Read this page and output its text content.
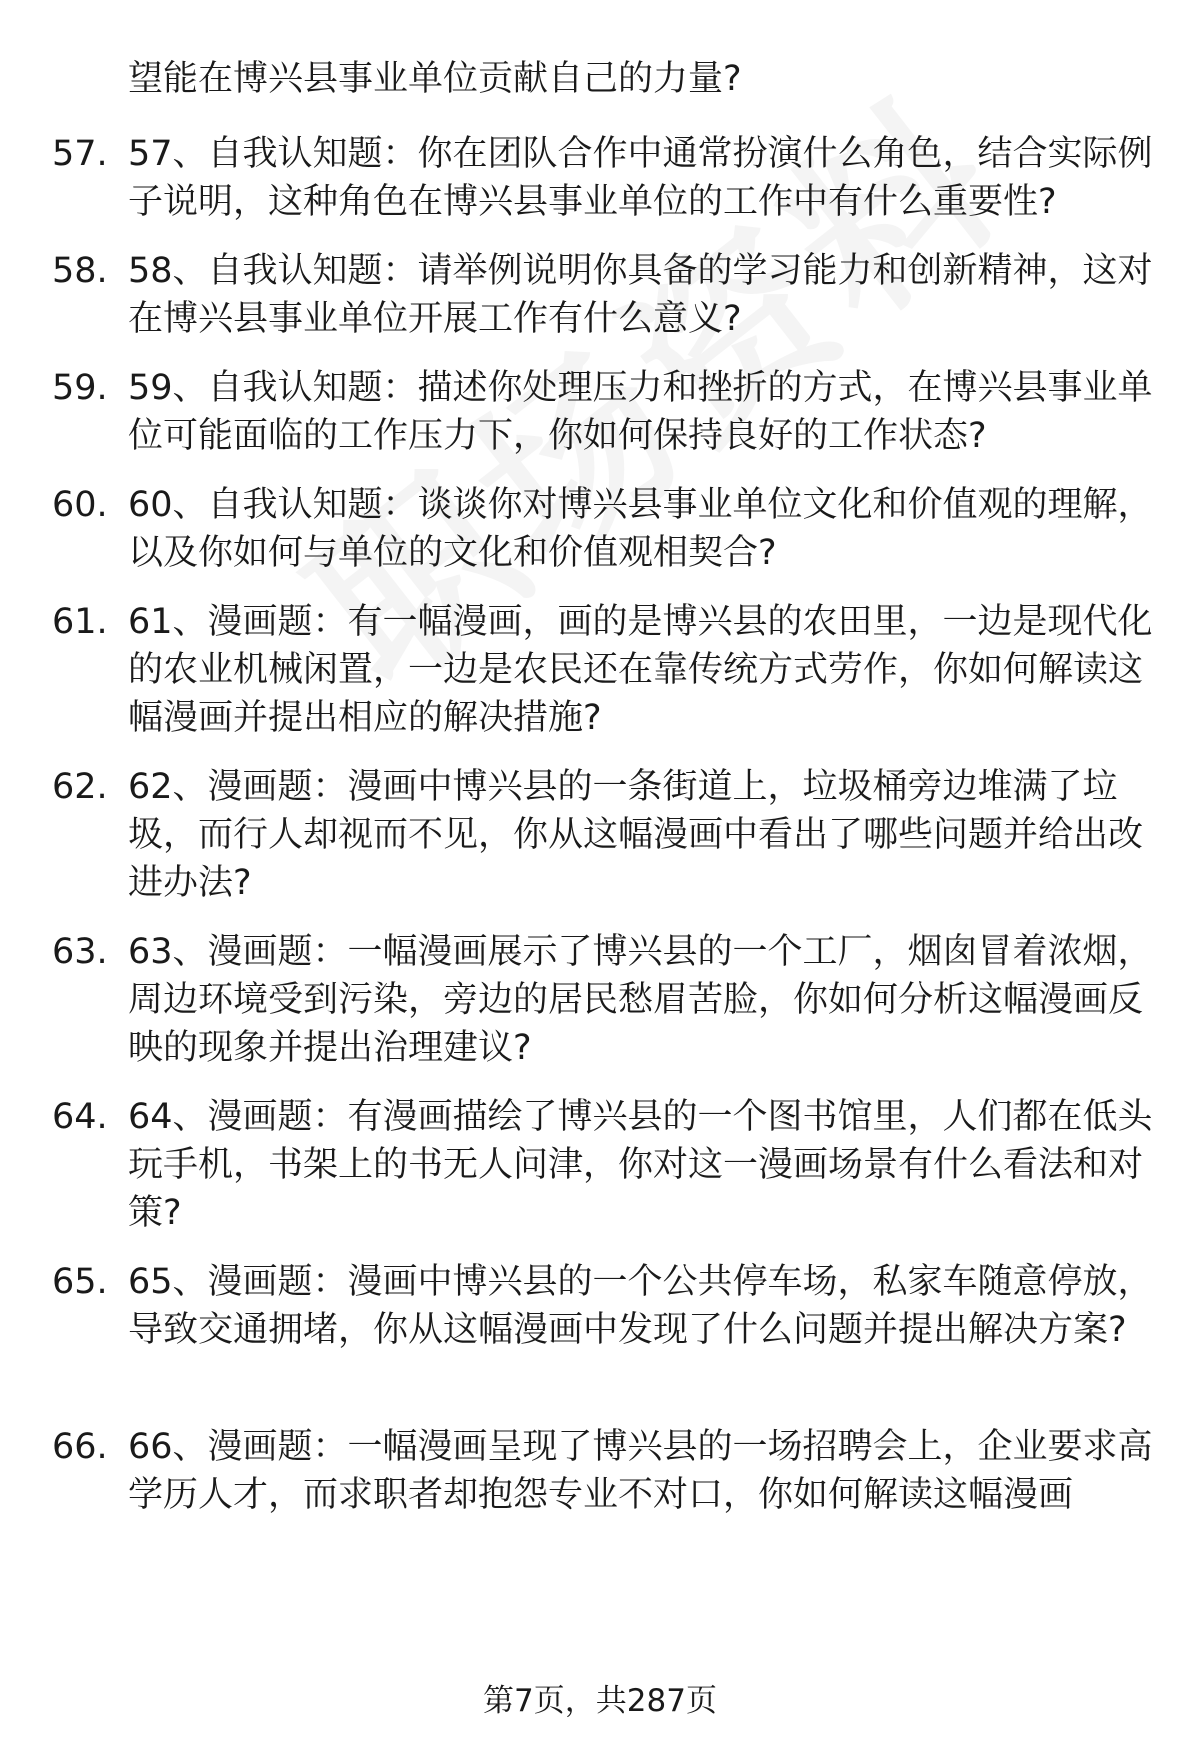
望能在博兴县事业单位贡献自己的力量?

57. 57、自我认知题：你在团队合作中通常扮演什么角色，结合实际例子说明，这种角色在博兴县事业单位的工作中有什么重要性?

58. 58、自我认知题：请举例说明你具备的学习能力和创新精神，这对在博兴县事业单位开展工作有什么意义?

59. 59、自我认知题：描述你处理压力和挫折的方式，在博兴县事业单位可能面临的工作压力下，你如何保持良好的工作状态?

60. 60、自我认知题：谈谈你对博兴县事业单位文化和价值观的理解，以及你如何与单位的文化和价值观相契合?

61. 61、漫画题：有一幅漫画，画的是博兴县的农田里，一边是现代化的农业机械闲置，一边是农民还在靠传统方式劳作，你如何解读这幅漫画并提出相应的解决措施?

62. 62、漫画题：漫画中博兴县的一条街道上，垃圾桶旁边堆满了垃圾，而行人却视而不见，你从这幅漫画中看出了哪些问题并给出改进办法?

63. 63、漫画题：一幅漫画展示了博兴县的一个工厂，烟囱冒着浓烟，周边环境受到污染，旁边的居民愁眉苦脸，你如何分析这幅漫画反映的现象并提出治理建议?

64. 64、漫画题：有漫画描绘了博兴县的一个图书馆里，人们都在低头玩手机，书架上的书无人问津，你对这一漫画场景有什么看法和对策?

65. 65、漫画题：漫画中博兴县的一个公共停车场，私家车随意停放，导致交通拥堵，你从这幅漫画中发现了什么问题并提出解决方案?

66. 66、漫画题：一幅漫画呈现了博兴县的一场招聘会上，企业要求高学历人才，而求职者却抱怨专业不对口，你如何解读这幅漫画

第7页，共287页
